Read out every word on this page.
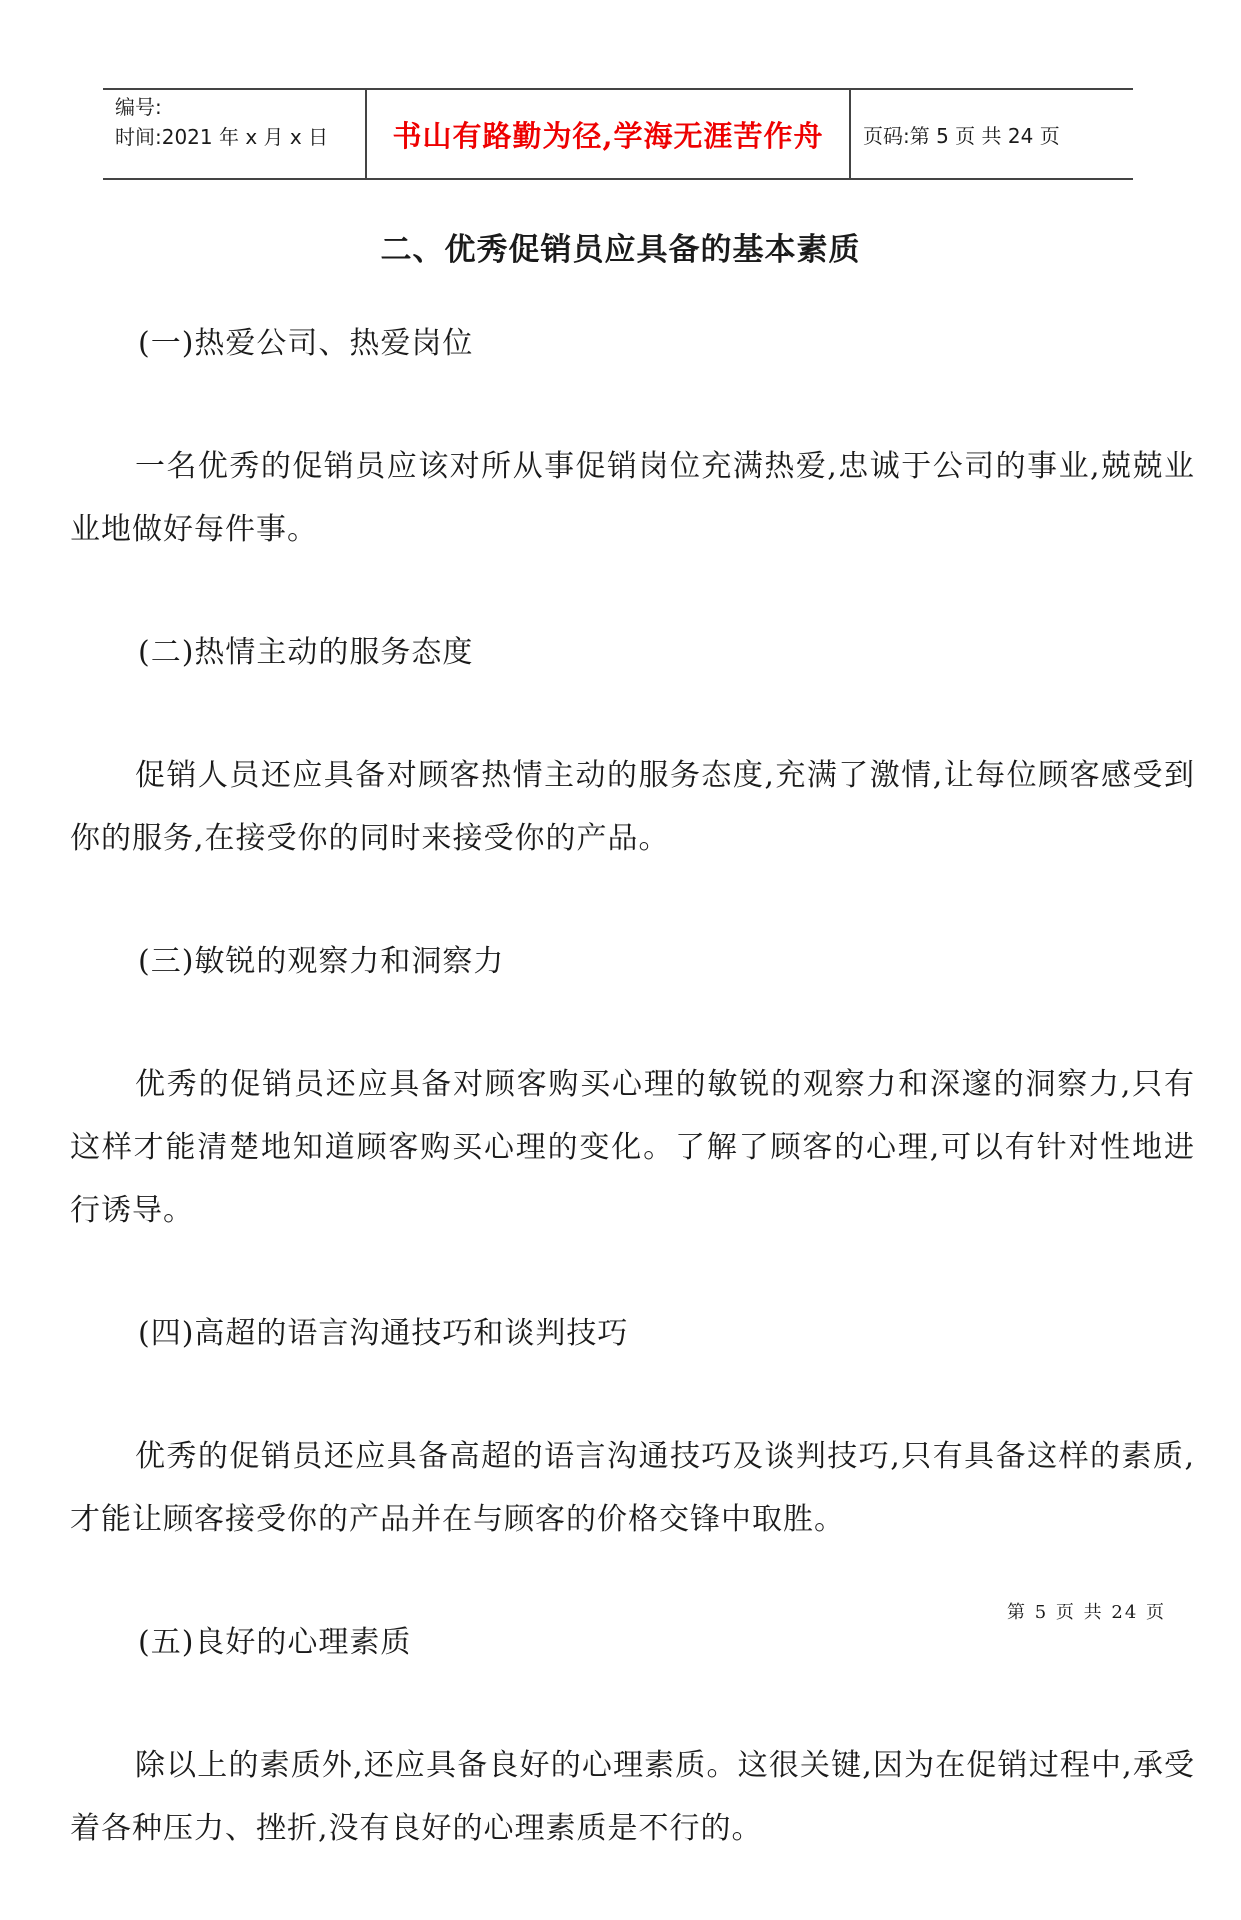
编号:
时间:2021 年 x 月 x 日	书山有路勤为径,学海无涯苦作舟	页码:第 5 页 共 24 页
二、优秀促销员应具备的基本素质

(一)热爱公司、热爱岗位

一名优秀的促销员应该对所从事促销岗位充满热爱,忠诚于公司的事业,兢兢业业地做好每件事。

(二)热情主动的服务态度

促销人员还应具备对顾客热情主动的服务态度,充满了激情,让每位顾客感受到你的服务,在接受你的同时来接受你的产品。

(三)敏锐的观察力和洞察力

优秀的促销员还应具备对顾客购买心理的敏锐的观察力和深邃的洞察力,只有这样才能清楚地知道顾客购买心理的变化。了解了顾客的心理,可以有针对性地进行诱导。

(四)高超的语言沟通技巧和谈判技巧

优秀的促销员还应具备高超的语言沟通技巧及谈判技巧,只有具备这样的素质,才能让顾客接受你的产品并在与顾客的价格交锋中取胜。

(五)良好的心理素质

除以上的素质外,还应具备良好的心理素质。这很关键,因为在促销过程中,承受着各种压力、挫折,没有良好的心理素质是不行的。

第 5 页 共 24 页
